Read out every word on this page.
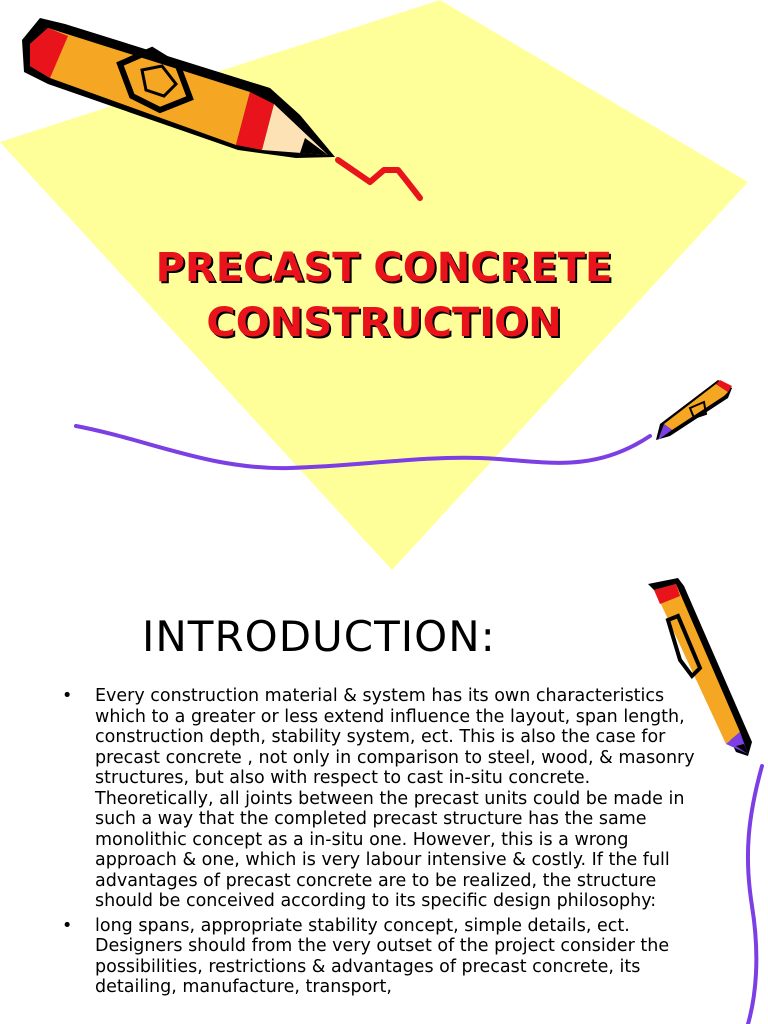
PRECAST CONCRETE
CONSTRUCTION
INTRODUCTION:
• Every construction material & system has its own characteristics which to a greater or less extend influence the layout, span length, construction depth, stability system, ect. This is also the case for precast concrete , not only in comparison to steel, wood, & masonry structures, but also with respect to cast in-situ concrete. Theoretically, all joints between the precast units could be made in such a way that the completed precast structure has the same monolithic concept as a in-situ one. However, this is a wrong approach & one, which is very labour intensive & costly. If the full advantages of precast concrete are to be realized, the structure should be conceived according to its specific design philosophy:
• long spans, appropriate stability concept, simple details, ect. Designers should from the very outset of the project consider the possibilities, restrictions & advantages of precast concrete, its detailing, manufacture, transport,
